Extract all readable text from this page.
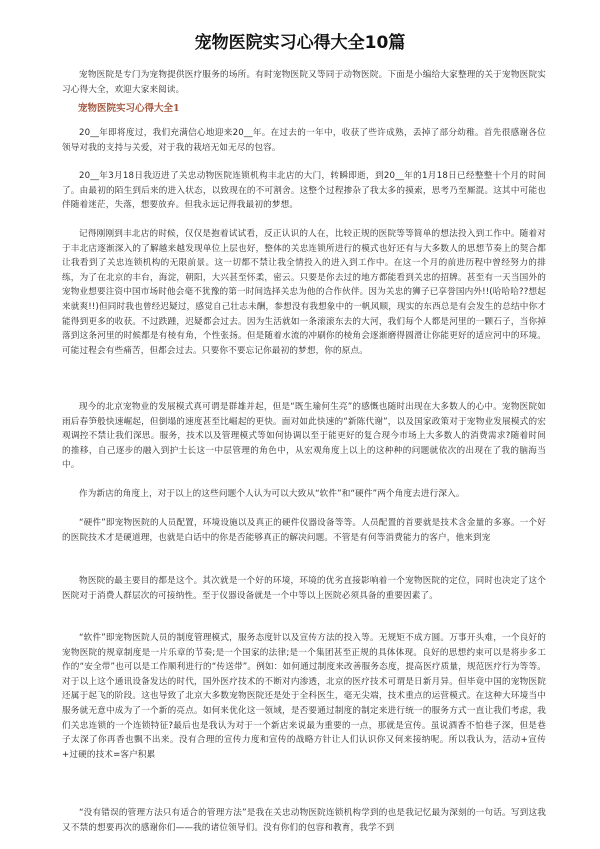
宠物医院实习心得大全10篇

宠物医院是专门为宠物提供医疗服务的场所。有时宠物医院又等同于动物医院。下面是小编给大家整理的关于宠物医院实习心得大全，欢迎大家来阅读。

宠物医院实习心得大全1

20__年即将度过，我们充满信心地迎来20__年。在过去的一年中，收获了些许成熟，丢掉了部分幼稚。首先很感谢各位领导对我的支持与关爱，对于我的栽培无如无尽的包容。

20__年3月18日我迈进了关忠动物医院连锁机构丰北店的大门，转瞬即逝，到20__年的1月18日已经整整十个月的时间了。由最初的陌生到后来的进入状态，以致现在的不可割舍。这整个过程掺杂了我太多的摸索，思考乃至厮混。这其中可能也伴随着迷茫，失落，想要放弃。但我永远记得我最初的梦想。

记得刚刚到丰北店的时候，仅仅是抱着试试看，反正认识的人在，比较正规的医院等等简单的想法投入到工作中。随着对于丰北店逐渐深入的了解越来越发现单位上层也好，整体的关忠连锁所进行的模式也好还有与大多数人的思想节奏上的契合都让我看到了关忠连锁机构的无限前景。这一切都不禁让我全情投入的进入到工作中。在这一个月的前进历程中曾经努力的排练，为了在北京的丰台，海淀，朝阳，大兴甚至怀柔，密云。只要是你去过的地方都能看到关忠的招牌。甚至有一天当国外的宠物业想要注资中国市场时他会毫不犹豫的第一时间选择关忠为他的合作伙伴。因为关忠的狮子已享誉国内外!!(哈哈哈??想起来就爽!!)但同时我也曾经迟疑过，感觉自己壮志未酬，参想没有我想象中的一帆风顺，现实的东西总是有会发生的总结中你才能得到更多的收获。不过跌踵，迟疑都会过去。因为生活就如一条滚滚东去的大河，我们每个人都是河里的一颗石子，当你掉落到这条河里的时候都是有棱有角，个性张扬。但是随着水流的冲刷你的棱角会逐渐磨得圆滑让你能更好的适应河中的环境。可能过程会有些痛苦，但都会过去。只要你不要忘记你最初的梦想，你的原点。

现今的北京宠物业的发展模式真可谓是群雄并起，但是“既生瑜何生亮”的感慨也随时出现在大多数人的心中。宠物医院如雨后春笋般快速崛起，但倒塌的速度甚至比崛起的更快。面对如此快速的“新陈代谢”，以及国家政策对于宠物业发展模式的宏观调控不禁让我们深思。服务，技术以及管理模式等如何协调以至于能更好的复合现今市场上大多数人的消费需求?随着时间的推移，自己逐步的融入到护士长这一中层管理的角色中，从宏观角度上以上的这种种的问题就依次的出现在了我的脑海当中。

作为新店的角度上，对于以上的这些问题个人认为可以大致从“软件”和“硬件”两个角度去进行深入。

“硬件”即宠物医院的人员配置，环境设施以及真正的硬件仪器设备等等。人员配置的首要就是技术含金量的多寡。一个好的医院技术才是硬道理，也就是白话中的你是否能够真正的解决问题。不管是有何等消费能力的客户，他来到宠

物医院的最主要目的都是这个。其次就是一个好的环境，环境的优劣直接影响着一个宠物医院的定位，同时也决定了这个医院对于消费人群层次的可接纳性。至于仪器设备就是一个中等以上医院必须具备的重要因素了。

“软件”即宠物医院人员的制度管理模式，服务态度针以及宣传方法的投入等。无规矩不成方圆。万事开头难，一个良好的宠物医院的规章制度是一片乐章的节奏;是一个国家的法律;是一个集团甚至正规的具体体现。良好的思想约束可以是将步多工作的“安全带”也可以是工作顺利进行的“传送带”。例如：如何通过制度来改善服务态度，提高医疗质量，规范医疗行为等等。对于以上这个通讯设备发达的时代，国外医疗技术的不断对内渗透，北京的医疗技术可谓是日新月异。但毕竟中国的宠物医院还属于起飞的阶段。这也导致了北京大多数宠物医院还是处于全科医生，毫无尖端，技术重点的运营模式。在这种大环境当中服务就无意中成为了一个新的亮点。如何来优化这一领域，是否要通过制度的制定来进行统一的服务方式一直让我们考虑，我们关忠连锁的一个连锁特征?最后也是我认为对于一个新店来说最为重要的一点，那就是宣传。虽说酒香不怕巷子深，但是巷子太深了你再香也飘不出来。没有合理的宣传力度和宣传的战略方针让人们认识你又何来接纳呢。所以我认为，活动+宣传+过硬的技术=客户积累

“没有错误的管理方法只有适合的管理方法”是我在关忠动物医院连锁机构学到的也是我记忆最为深刻的一句话。写到这我又不禁的想要再次的感谢你们——我的诸位领导们。没有你们的包容和教育，我学不到
